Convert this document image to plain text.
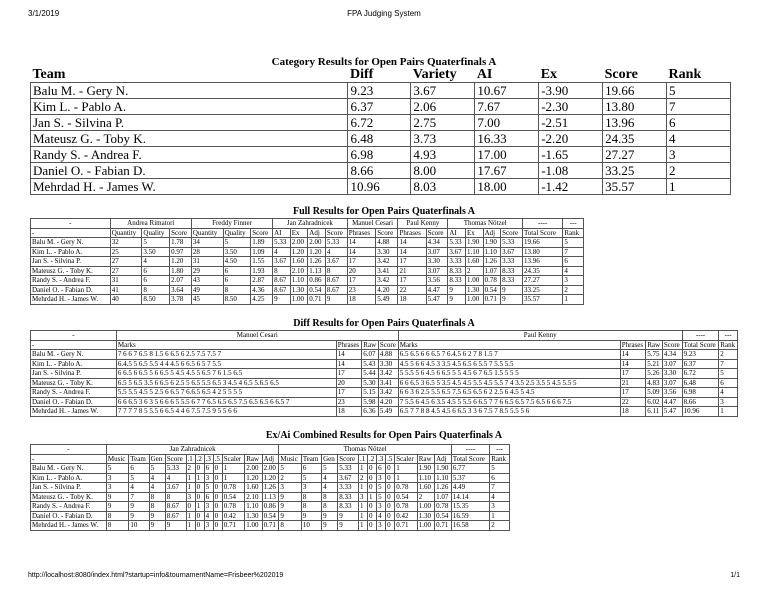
3/1/2019	FPA Judging System
Category Results for Open Pairs Quaterfinals A
Team	Diff	Variety	AI	Ex	Score	Rank
Balu M. - Gery N.	9.23	3.67	10.67	-3.90	19.66	5
Kim L. - Pablo A.	6.37	2.06	7.67	-2.30	13.80	7
Jan S. - Silvina P.	6.72	2.75	7.00	-2.51	13.96	6
Mateusz G. - Toby K.	6.48	3.73	16.33	-2.20	24.35	4
Randy S. - Andrea F.	6.98	4.93	17.00	-1.65	27.27	3
Daniel O. - Fabian D.	8.66	8.00	17.67	-1.08	33.25	2
Mehrdad H. - James W.	10.96	8.03	18.00	-1.42	35.57	1
Full Results for Open Pairs Quaterfinals A
-	Andrea Rimatori			Freddy Finner			Jan Zahradnicek				Manuel Cesari		Paul Kenny		Thomas Nötzel				----	---
-	Quantity	Quality	Score	Quantity	Quality	Score	AI	Ex	Adj	Score	Phrases	Score	Phrases	Score	AI	Ex	Adj	Score	Total Score	Rank
Balu M. - Gery N.	32	5	1.78	34	5	1.89	5.33	2.00	2.00	5.33	14	4.88	14	4.34	5.33	1.90	1.90	5.33	19.66	5
Kim L. - Pablo A.	25	3.50	0.97	28	3.50	1.09	4	1.20	1.20	4	14	3.30	14	3.07	3.67	1.10	1.10	3.67	13.80	7
Jan S. - Silvina P.	27	4	1.20	31	4.50	1.55	3.67	1.60	1.26	3.67	17	3.42	17	3.30	3.33	1.60	1.26	3.33	13.96	6
Mateusz G. - Toby K.	27	6	1.80	29	6	1.93	8	2.10	1.13	8	20	3.41	21	3.07	8.33	2	1.07	8.33	24.35	4
Randy S. - Andrea F.	31	6	2.07	43	6	2.87	8.67	1.10	0.86	8.67	17	3.42	17	3.56	8.33	1.00	0.78	8.33	27.27	3
Daniel O. - Fabian D.	41	8	3.64	49	8	4.36	8.67	1.30	0.54	8.67	23	4.20	22	4.47	9	1.30	0.54	9	33.25	2
Mehrdad H. - James W.	40	8.50	3.78	45	8.50	4.25	9	1.00	0.71	9	18	5.49	18	5.47	9	1.00	0.71	9	35.57	1
Diff Results for Open Pairs Quaterfinals A
-	Manuel Cesari				Paul Kenny				----	---
-	Marks	Phrases	Raw	Score	Marks	Phrases	Raw	Score	Total Score	Rank
Balu M. - Gery N.	7 6 6 7 6.5 8 1.5 6 6.5 6 2.5 7.5 7.5 7	14	6.07	4.88	6.5 6.5 6 6 6.5 7 6.4.5 6 2 7 8 1.5 7	14	5.75	4.34	9.23	2
Kim L. - Pablo A.	6.4.5 5 6.5 5.5 4 4 4.5 6 6.5 6 5 7 5.5	14	5.43	3.30	4.5 5 6 6 4.5 3 3.5 4.5 6.5 6 5.5 7 5.5 5.5	14	5.21	3.07	6.37	7
Jan S. - Silvina P.	6 6.5 6 6.5 5 6 6.5 5 4.5 4.5 5 6.5 7 6 1.5 6.5	17	5.44	3.42	5 5.5 5 6 4.5 6 6.5 5 5 4.5 6 7 6.5 1.5 5 5 5	17	5.26	3.30	6.72	5
Mateusz G. - Toby K.	6.5 5 6.5 3.5 6 6.5 6 2.5 5 6.5 5.5 6.5 3 4.5 4 6.5 5.6.5 6.5	20	5.30	3.41	6 6 6.5 3 6.5 5 3.5 4.5 4.5 5.5 4.5 5.5 7 4 3.5 2.5 3.5 5 4.5 5.5 5	21	4.83	3.07	6.48	6
Randy S. - Andrea F.	5.5 5.5 4.5 5 2.5 6 6.5 7 6.6.5 6.5 4 2 5 5 5 5	17	5.15	3.42	6 6 3 6 2.5 5.5 6.5 7.5 6.5 6.5 6 2 2.5 6 4.5 5 4.5	17	5.09	3.56	6.98	4
Daniel O. - Fabian D.	6 6 6.5 3 6 3 5 6 6 6 5 5.5 6 7 7 6.5 6.5 6.5 7.5 6.5 6.5 6 6.5 7	23	5.98	4.20	7 5.5 6 4.5 6 3.5 4.5 5 5.5 6 6.5 7 7 6 6.5 6.5 7.5 6.5 6 6 6 7.5	22	6.02	4.47	8.66	3
Mehrdad H. - James W.	7 7 7 7 8 5 5.5 6 6.5 4 4 6 7.5 7.5 9 5 5 6 6	18	6.36	5.49	6.5 7 7 8 8 4.5 4.5 6 6.5 3 3 6 7.5 7 8.5 5.5 5 6	18	6.11	5.47	10.96	1
Ex/Ai Combined Results for Open Pairs Quaterfinals A
-	Jan Zahradnicek											Thomas Nötzel											----	---
-	Music	Team	Gen	Score	.1	.2	.3	.5	Scaler	Raw	Adj	Music	Team	Gen	Score	.1	.2	.3	.5	Scaler	Raw	Adj	Total Score	Rank
Balu M. - Gery N.	5	6	5	5.33	2	0	6	0	1	2.00	2.00	5	6	5	5.33	1	0	6	0	1	1.90	1.90	6.77	5
Kim L. - Pablo A.	3	5	4	4	1	1	3	0	1	1.20	1.20	2	5	4	3.67	2	0	3	0	1	1.10	1.10	5.37	6
Jan S. - Silvina P.	3	4	4	3.67	1	0	5	0	0.78	1.60	1.26	3	3	4	3.33	1	0	5	0	0.78	1.60	1.26	4.49	7
Mateusz G. - Toby K.	9	7	8	8	3	0	6	0	0.54	2.10	1.13	9	8	8	8.33	3	1	5	0	0.54	2	1.07	14.14	4
Randy S. - Andrea F.	9	9	8	8.67	0	1	3	0	0.78	1.10	0.86	9	8	8	8.33	1	0	3	0	0.78	1.00	0.78	15.35	3
Daniel O. - Fabian D.	8	9	9	8.67	1	0	4	0	0.42	1.30	0.54	9	9	9	9	1	0	4	0	0.42	1.30	0.54	16.59	1
Mehrdad H. - James W.	8	10	9	9	1	0	3	0	0.71	1.00	0.71	8	10	9	9	1	0	3	0	0.71	1.00	0.71	16.58	2
http://localhost:8080/index.html?startup=info&tournamentName=Frisbeer%202019	1/1
